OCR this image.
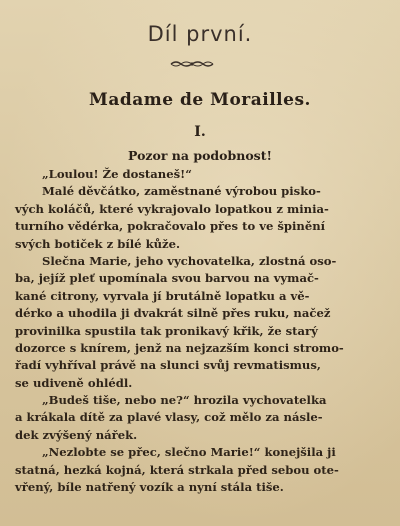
Díl první.
Madame de Morailles.
I.
Pozor na podobnost!
„Loulou! Že dostaneš!“
Malé děvčátko, zaměstnané výrobou pisko-
vých koláčů, které vykrajovalo lopatkou z minia-
turního vědérka, pokračovalo přes to ve špinění
svých botiček z bílé kůže.
Slečna Marie, jeho vychovatelka, zlostná oso-
ba, jejíž pleť upomínala svou barvou na vymač-
kané citrony, vyrvala jí brutálně lopatku a vě-
dérko a uhodila ji dvakrát silně přes ruku, načež
provinilka spustila tak pronikavý křik, že starý
dozorce s knírem, jenž na nejzazším konci stromo-
řadí vyhříval právě na slunci svůj revmatismus,
se udiveně ohlédl.
„Budeš tiše, nebo ne?“ hrozila vychovatelka
a krákala dítě za plavé vlasy, což mělo za násle-
dek zvýšený nářek.
„Nezlobte se přec, slečno Marie!“ konejšila ji
statná, hezká kojná, která strkala před sebou ote-
vřený, bíle natřený vozík a nyní stála tiše.
